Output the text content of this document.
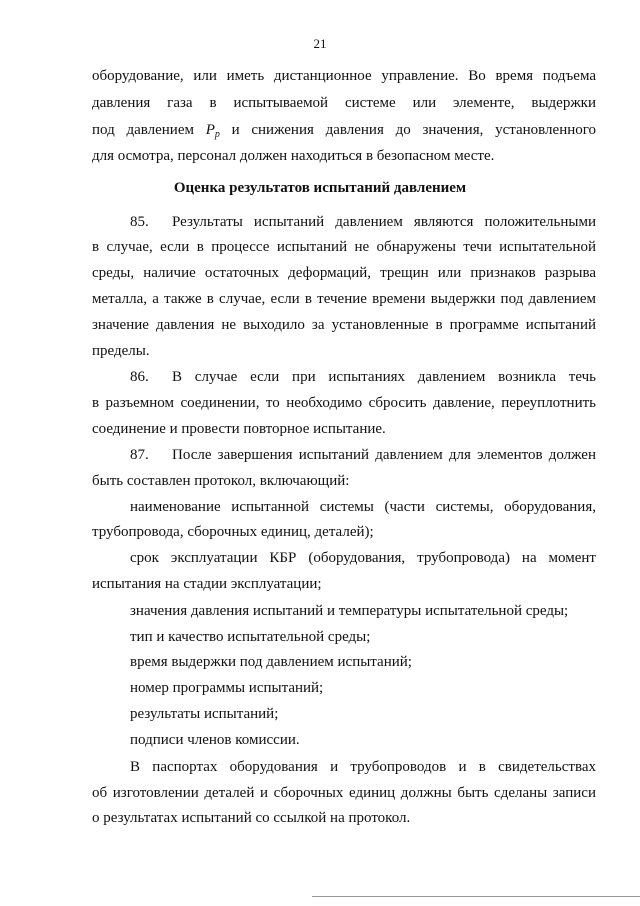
21
оборудование, или иметь дистанционное управление. Во время подъема
давления газа в испытываемой системе или элементе, выдержки
под давлением $P_p$ и снижения давления до значения, установленного
для осмотра, персонал должен находиться в безопасном месте.
Оценка результатов испытаний давлением
85. Результаты испытаний давлением являются положительными
в случае, если в процессе испытаний не обнаружены течи испытательной
среды, наличие остаточных деформаций, трещин или признаков разрыва
металла, а также в случае, если в течение времени выдержки под давлением
значение давления не выходило за установленные в программе испытаний
пределы.
86. В случае если при испытаниях давлением возникла течь
в разъемном соединении, то необходимо сбросить давление, переуплотнить
соединение и провести повторное испытание.
87. После завершения испытаний давлением для элементов должен
быть составлен протокол, включающий:
наименование испытанной системы (части системы, оборудования,
трубопровода, сборочных единиц, деталей);
срок эксплуатации КБР (оборудования, трубопровода) на момент
испытания на стадии эксплуатации;
значения давления испытаний и температуры испытательной среды;
тип и качество испытательной среды;
время выдержки под давлением испытаний;
номер программы испытаний;
результаты испытаний;
подписи членов комиссии.
В паспортах оборудования и трубопроводов и в свидетельствах
об изготовлении деталей и сборочных единиц должны быть сделаны записи
о результатах испытаний со ссылкой на протокол.
